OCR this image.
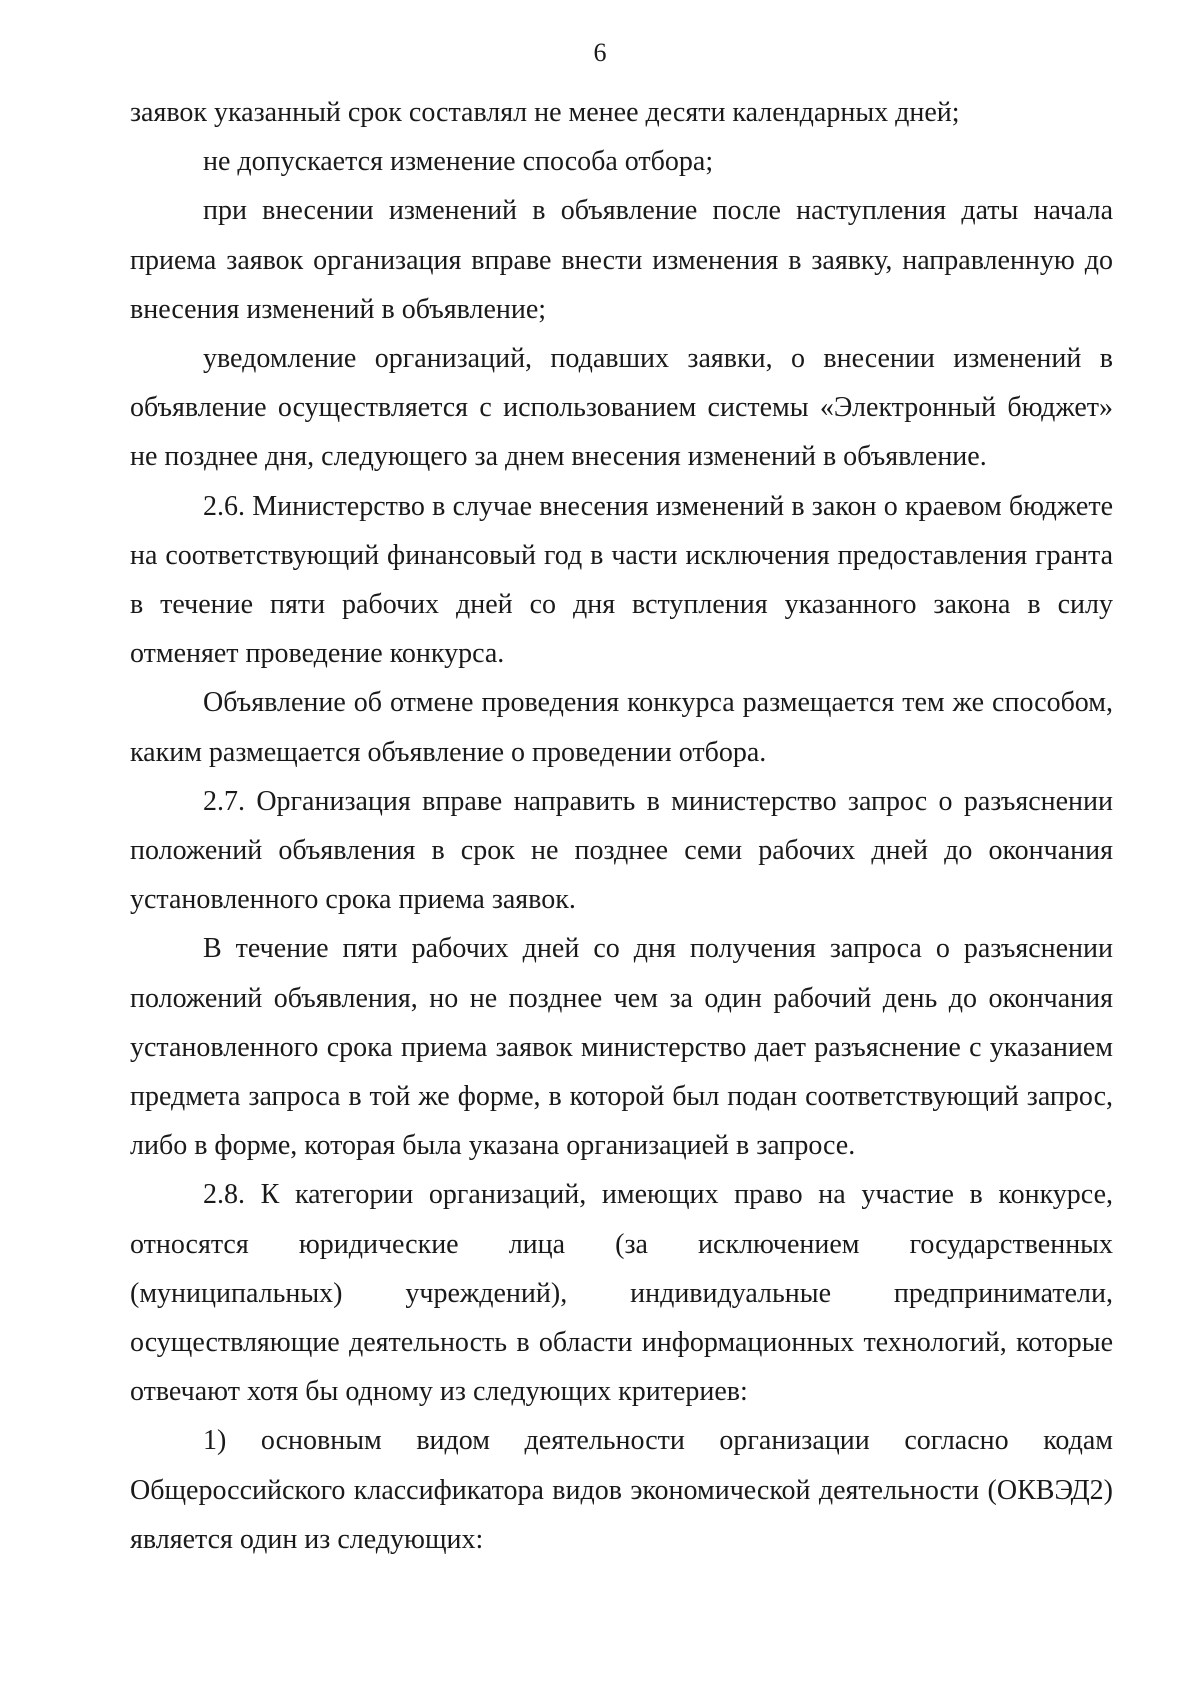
6

заявок указанный срок составлял не менее десяти календарных дней;

не допускается изменение способа отбора;

при внесении изменений в объявление после наступления даты начала приема заявок организация вправе внести изменения в заявку, направленную до внесения изменений в объявление;

уведомление организаций, подавших заявки, о внесении изменений в объявление осуществляется с использованием системы «Электронный бюджет» не позднее дня, следующего за днем внесения изменений в объявление.

2.6. Министерство в случае внесения изменений в закон о краевом бюджете на соответствующий финансовый год в части исключения предоставления гранта в течение пяти рабочих дней со дня вступления указанного закона в силу отменяет проведение конкурса.

Объявление об отмене проведения конкурса размещается тем же способом, каким размещается объявление о проведении отбора.

2.7. Организация вправе направить в министерство запрос о разъяснении положений объявления в срок не позднее семи рабочих дней до окончания установленного срока приема заявок.

В течение пяти рабочих дней со дня получения запроса о разъяснении положений объявления, но не позднее чем за один рабочий день до окончания установленного срока приема заявок министерство дает разъяснение с указанием предмета запроса в той же форме, в которой был подан соответствующий запрос, либо в форме, которая была указана организацией в запросе.

2.8. К категории организаций, имеющих право на участие в конкурсе, относятся юридические лица (за исключением государственных (муниципальных) учреждений), индивидуальные предприниматели, осуществляющие деятельность в области информационных технологий, которые отвечают хотя бы одному из следующих критериев:

1) основным видом деятельности организации согласно кодам Общероссийского классификатора видов экономической деятельности (ОКВЭД2) является один из следующих:
